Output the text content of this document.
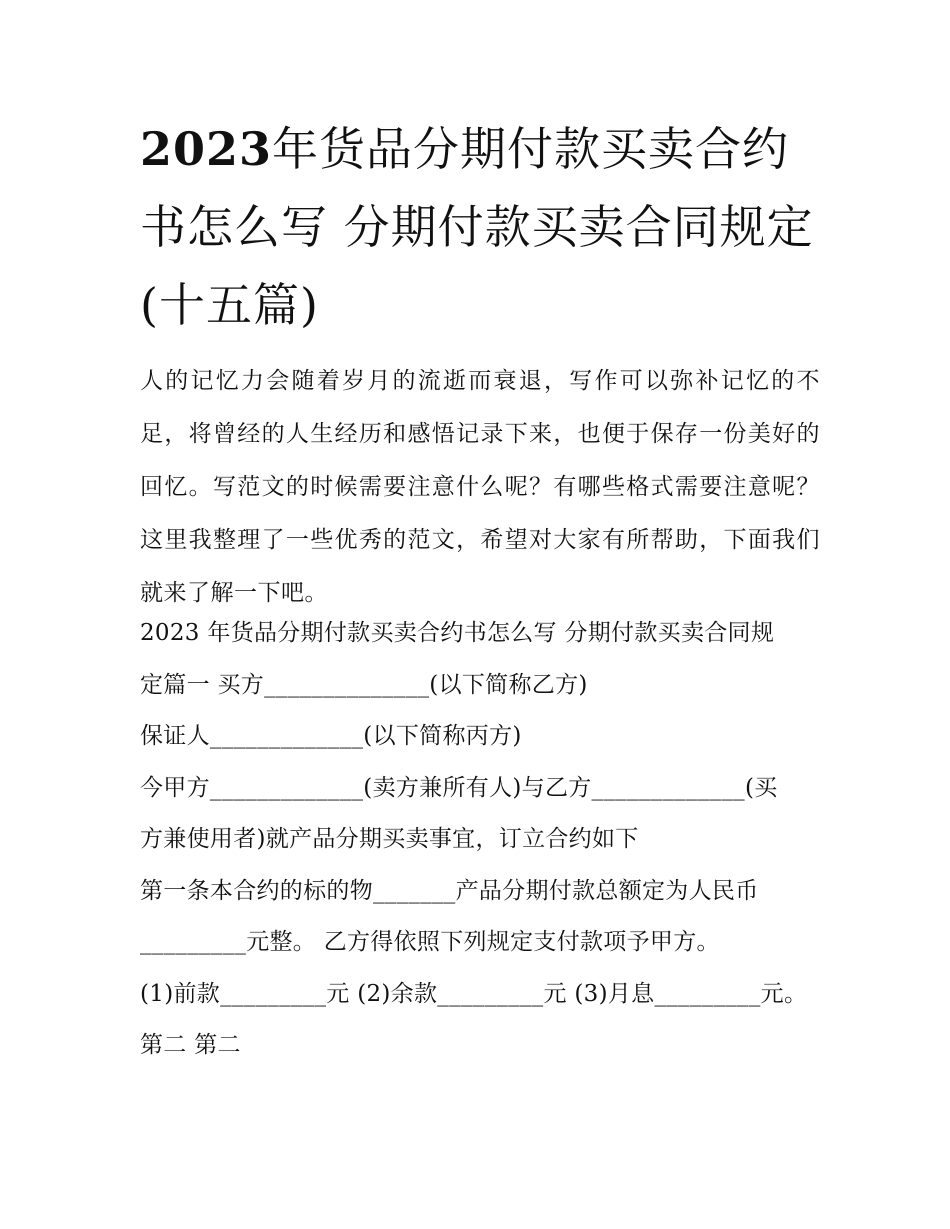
2023年货品分期付款买卖合约书怎么写 分期付款买卖合同规定(十五篇)

人的记忆力会随着岁月的流逝而衰退，写作可以弥补记忆的不足，将曾经的人生经历和感悟记录下来，也便于保存一份美好的回忆。写范文的时候需要注意什么呢？有哪些格式需要注意呢？这里我整理了一些优秀的范文，希望对大家有所帮助，下面我们就来了解一下吧。

2023 年货品分期付款买卖合约书怎么写 分期付款买卖合同规
定篇一 买方______________(以下简称乙方)
保证人_____________(以下简称丙方)
今甲方_____________(卖方兼所有人)与乙方_____________(买
方兼使用者)就产品分期买卖事宜，订立合约如下
第一条本合约的标的物_______产品分期付款总额定为人民币
_________元整。 乙方得依照下列规定支付款项予甲方。
(1)前款_________元 (2)余款_________元 (3)月息_________元。
第二 第二
